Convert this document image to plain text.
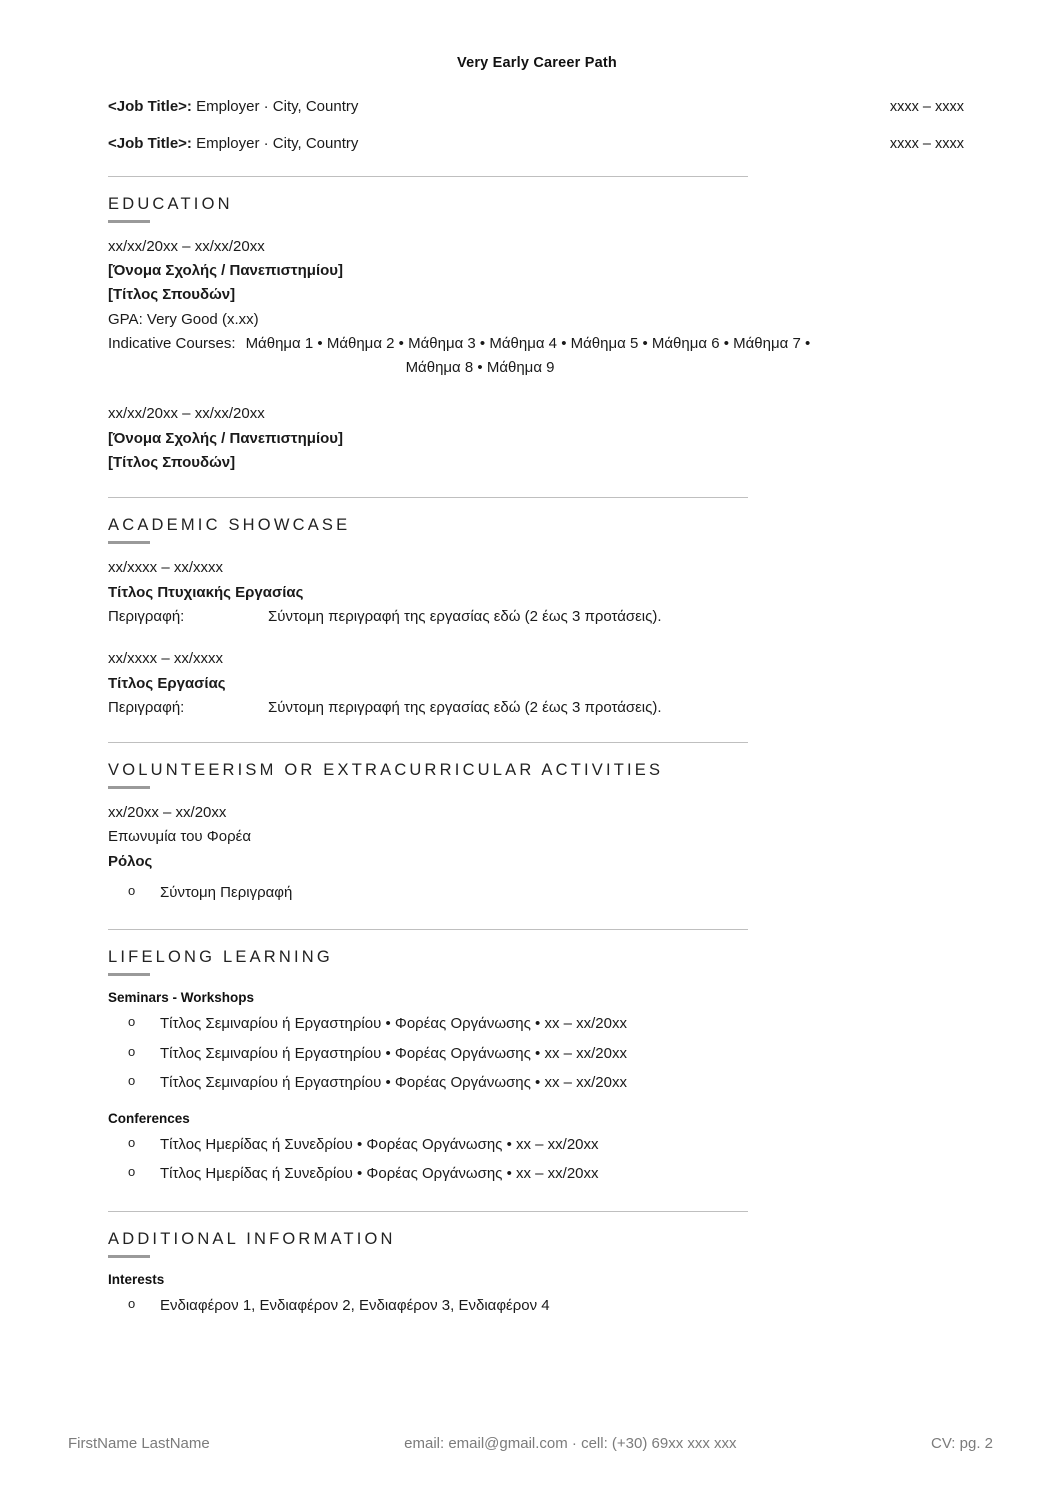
Very Early Career Path
<Job Title>: Employer · City, Country	xxxx – xxxx
<Job Title>: Employer · City, Country	xxxx – xxxx
EDUCATION
xx/xx/20xx – xx/xx/20xx
[Όνομα Σχολής / Πανεπιστημίου]
[Τίτλος Σπουδών]
GPA: Very Good (x.xx)
Indicative Courses: Μάθημα 1 • Μάθημα 2 • Μάθημα 3 • Μάθημα 4 • Μάθημα 5 • Μάθημα 6 • Μάθημα 7 •
Μάθημα 8 • Μάθημα 9
xx/xx/20xx – xx/xx/20xx
[Όνομα Σχολής / Πανεπιστημίου]
[Τίτλος Σπουδών]
ACADEMIC SHOWCASE
xx/xxxx – xx/xxxx
Τίτλος Πτυχιακής Εργασίας
Περιγραφή:	Σύντομη περιγραφή της εργασίας εδώ (2 έως 3 προτάσεις).
xx/xxxx – xx/xxxx
Τίτλος Εργασίας
Περιγραφή:	Σύντομη περιγραφή της εργασίας εδώ (2 έως 3 προτάσεις).
VOLUNTEERISM OR EXTRACURRICULAR ACTIVITIES
xx/20xx – xx/20xx
Επωνυμία του Φορέα
Ρόλος
o Σύντομη Περιγραφή
LIFELONG LEARNING
Seminars - Workshops
o Τίτλος Σεμιναρίου ή Εργαστηρίου • Φορέας Οργάνωσης • xx – xx/20xx
o Τίτλος Σεμιναρίου ή Εργαστηρίου • Φορέας Οργάνωσης • xx – xx/20xx
o Τίτλος Σεμιναρίου ή Εργαστηρίου • Φορέας Οργάνωσης • xx – xx/20xx
Conferences
o Τίτλος Ημερίδας ή Συνεδρίου • Φορέας Οργάνωσης • xx – xx/20xx
o Τίτλος Ημερίδας ή Συνεδρίου • Φορέας Οργάνωσης • xx – xx/20xx
ADDITIONAL INFORMATION
Interests
o Ενδιαφέρον 1, Ενδιαφέρον 2, Ενδιαφέρον 3, Ενδιαφέρον 4
FirstName LastName	email: email@gmail.com · cell: (+30) 69xx xxx xxx	CV: pg. 2
